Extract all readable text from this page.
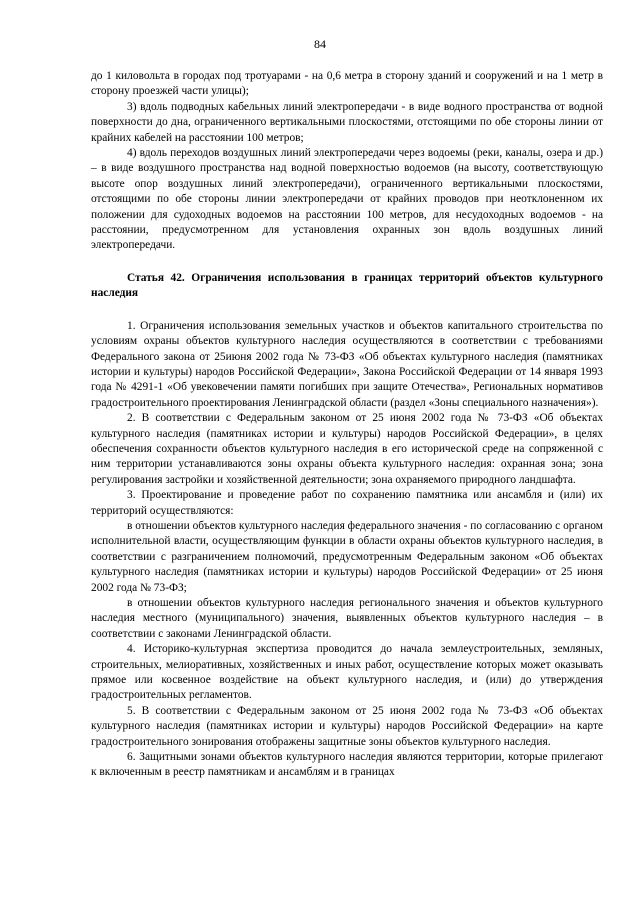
84

до 1 киловольта в городах под тротуарами - на 0,6 метра в сторону зданий и сооружений и на 1 метр в сторону проезжей части улицы);

3) вдоль подводных кабельных линий электропередачи - в виде водного пространства от водной поверхности до дна, ограниченного вертикальными плоскостями, отстоящими по обе стороны линии от крайних кабелей на расстоянии 100 метров;

4) вдоль переходов воздушных линий электропередачи через водоемы (реки, каналы, озера и др.) – в виде воздушного пространства над водной поверхностью водоемов (на высоту, соответствующую высоте опор воздушных линий электропередачи), ограниченного вертикальными плоскостями, отстоящими по обе стороны линии электропередачи от крайних проводов при неотклоненном их положении для судоходных водоемов на расстоянии 100 метров, для несудоходных водоемов - на расстоянии, предусмотренном для установления охранных зон вдоль воздушных линий электропередачи.

Статья 42. Ограничения использования в границах территорий объектов культурного наследия

1. Ограничения использования земельных участков и объектов капитального строительства по условиям охраны объектов культурного наследия осуществляются в соответствии с требованиями Федерального закона от 25июня 2002 года № 73-ФЗ «Об объектах культурного наследия (памятниках истории и культуры) народов Российской Федерации», Закона Российской Федерации от 14 января 1993 года № 4291-1 «Об увековечении памяти погибших при защите Отечества», Региональных нормативов градостроительного проектирования Ленинградской области (раздел «Зоны специального назначения»).

2. В соответствии с Федеральным законом от 25 июня 2002 года № 73-ФЗ «Об объектах культурного наследия (памятниках истории и культуры) народов Российской Федерации», в целях обеспечения сохранности объектов культурного наследия в его исторической среде на сопряженной с ним территории устанавливаются зоны охраны объекта культурного наследия: охранная зона; зона регулирования застройки и хозяйственной деятельности; зона охраняемого природного ландшафта.

3. Проектирование и проведение работ по сохранению памятника или ансамбля и (или) их территорий осуществляются:

в отношении объектов культурного наследия федерального значения - по согласованию с органом исполнительной власти, осуществляющим функции в области охраны объектов культурного наследия, в соответствии с разграничением полномочий, предусмотренным Федеральным законом «Об объектах культурного наследия (памятниках истории и культуры) народов Российской Федерации» от 25 июня 2002 года № 73-ФЗ;

в отношении объектов культурного наследия регионального значения и объектов культурного наследия местного (муниципального) значения, выявленных объектов культурного наследия – в соответствии с законами Ленинградской области.

4. Историко-культурная экспертиза проводится до начала землеустроительных, земляных, строительных, мелиоративных, хозяйственных и иных работ, осуществление которых может оказывать прямое или косвенное воздействие на объект культурного наследия, и (или) до утверждения градостроительных регламентов.

5. В соответствии с Федеральным законом от 25 июня 2002 года № 73-ФЗ «Об объектах культурного наследия (памятниках истории и культуры) народов Российской Федерации» на карте градостроительного зонирования отображены защитные зоны объектов культурного наследия.

6. Защитными зонами объектов культурного наследия являются территории, которые прилегают к включенным в реестр памятникам и ансамблям и в границах
